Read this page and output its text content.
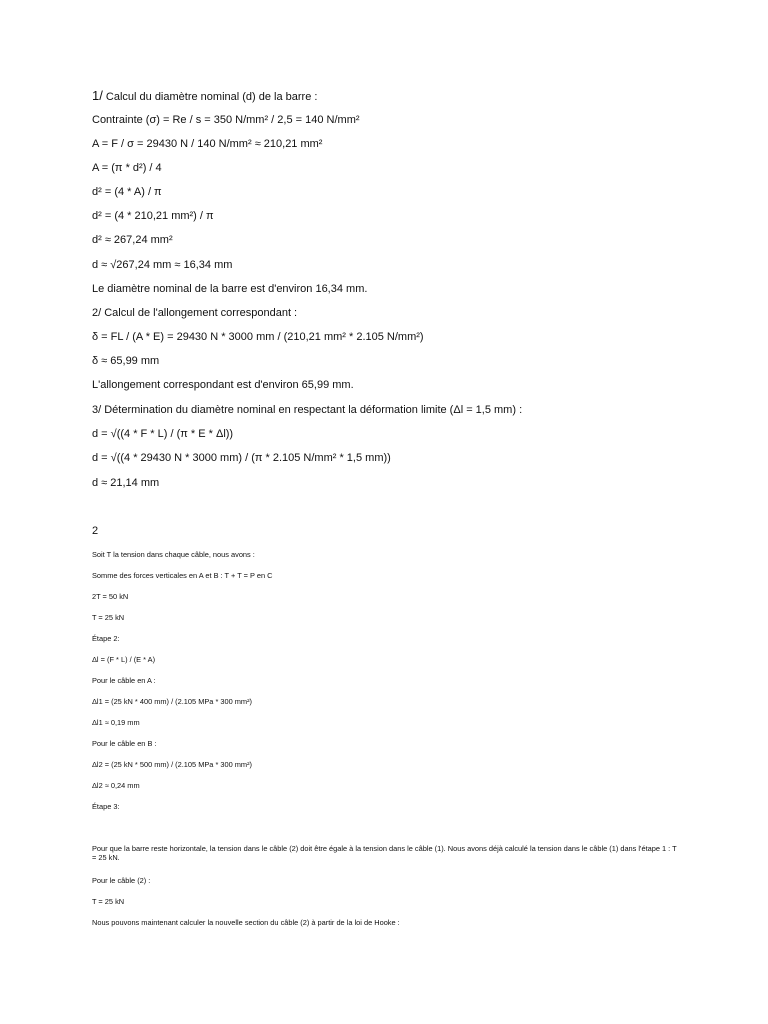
1/ Calcul du diamètre nominal (d) de la barre :
Contrainte (σ) = Re / s = 350 N/mm² / 2,5 = 140 N/mm²
A = F / σ = 29430 N / 140 N/mm² ≈ 210,21 mm²
A = (π * d²) / 4
d² = (4 * A) / π
d² = (4 * 210,21 mm²) / π
d² ≈ 267,24 mm²
d ≈ √267,24 mm ≈ 16,34 mm
Le diamètre nominal de la barre est d'environ 16,34 mm.
2/ Calcul de l'allongement correspondant :
δ = FL / (A * E) = 29430 N * 3000 mm / (210,21 mm² * 2.105 N/mm²)
δ ≈ 65,99 mm
L'allongement correspondant est d'environ 65,99 mm.
3/ Détermination du diamètre nominal en respectant la déformation limite (Δl = 1,5 mm) :
d = √((4 * F * L) / (π * E * Δl))
d = √((4 * 29430 N * 3000 mm) / (π * 2.105 N/mm² * 1,5 mm))
d ≈ 21,14 mm
2
Soit T la tension dans chaque câble, nous avons :
Somme des forces verticales en A et B : T + T = P en C
2T = 50 kN
T = 25 kN
Étape 2:
Δl = (F * L) / (E * A)
Pour le câble en A :
Δl1 = (25 kN * 400 mm) / (2.105 MPa * 300 mm²)
Δl1 ≈ 0,19 mm
Pour le câble en B :
Δl2 = (25 kN * 500 mm) / (2.105 MPa * 300 mm²)
Δl2 ≈ 0,24 mm
Étape 3:
Pour que la barre reste horizontale, la tension dans le câble (2) doit être égale à la tension dans le câble (1). Nous avons déjà calculé la tension dans le câble (1) dans l'étape 1 : T = 25 kN.
Pour le câble (2) :
T = 25 kN
Nous pouvons maintenant calculer la nouvelle section du câble (2) à partir de la loi de Hooke :
